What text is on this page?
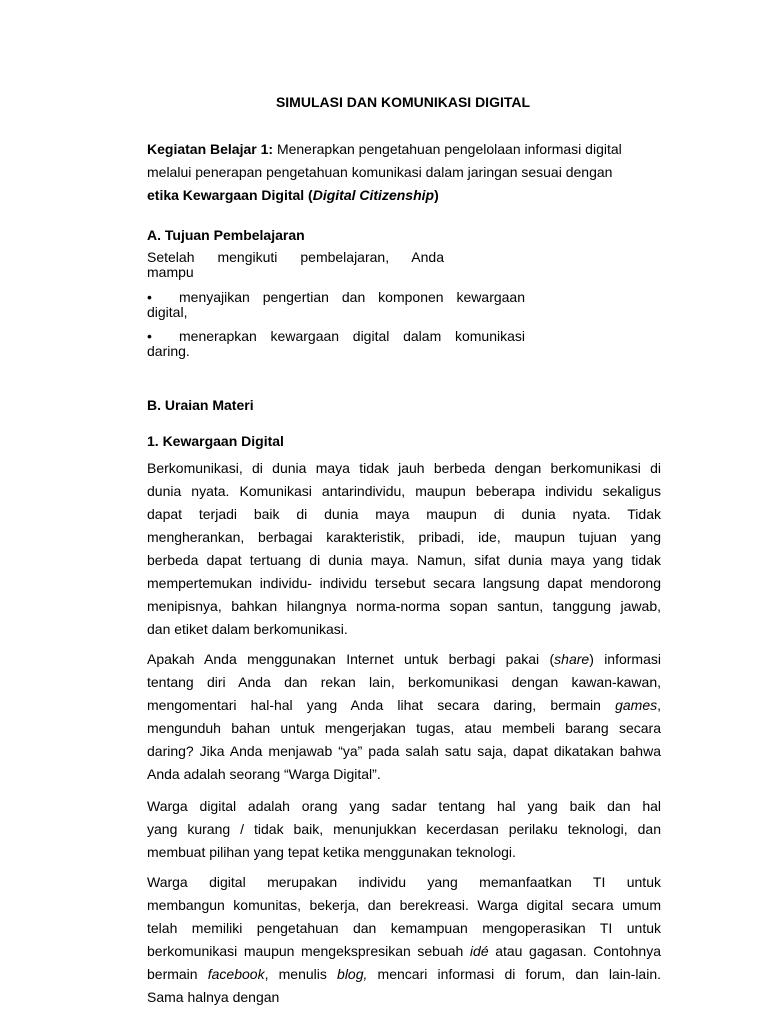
SIMULASI DAN KOMUNIKASI DIGITAL
Kegiatan Belajar 1: Menerapkan pengetahuan pengelolaan informasi digital
melalui penerapan pengetahuan komunikasi dalam jaringan sesuai dengan
etika Kewargaan Digital (Digital Citizenship)
A. Tujuan Pembelajaran
Setelah mengikuti pembelajaran, Anda
mampu
•	menyajikan pengertian dan komponen kewargaan
digital,
•	menerapkan kewargaan digital dalam komunikasi
daring.
B. Uraian Materi
1. Kewargaan Digital
Berkomunikasi, di dunia maya tidak jauh berbeda dengan berkomunikasi di
dunia nyata. Komunikasi antarindividu, maupun beberapa individu sekaligus
dapat terjadi baik di dunia maya maupun di dunia nyata. Tidak
mengherankan, berbagai karakteristik, pribadi, ide, maupun tujuan yang
berbeda dapat tertuang di dunia maya. Namun, sifat dunia maya yang tidak
mempertemukan individu- individu tersebut secara langsung dapat mendorong
menipisnya, bahkan hilangnya norma-norma sopan santun, tanggung jawab,
dan etiket dalam berkomunikasi.
Apakah Anda menggunakan Internet untuk berbagi pakai (share) informasi
tentang diri Anda dan rekan lain, berkomunikasi dengan kawan-kawan,
mengomentari hal-hal yang Anda lihat secara daring, bermain games,
mengunduh bahan untuk mengerjakan tugas, atau membeli barang secara
daring? Jika Anda menjawab “ya” pada salah satu saja, dapat dikatakan bahwa
Anda adalah seorang “Warga Digital”.
Warga digital adalah orang yang sadar tentang hal yang baik dan hal
yang kurang / tidak baik, menunjukkan kecerdasan perilaku teknologi, dan
membuat pilihan yang tepat ketika menggunakan teknologi.
Warga digital merupakan individu yang memanfaatkan TI untuk
membangun komunitas, bekerja, dan berekreasi. Warga digital secara umum
telah memiliki pengetahuan dan kemampuan mengoperasikan TI untuk
berkomunikasi maupun mengekspresikan sebuah idé atau gagasan. Contohnya
bermain facebook, menulis blog, mencari informasi di forum, dan lain-lain.
Sama halnya dengan
